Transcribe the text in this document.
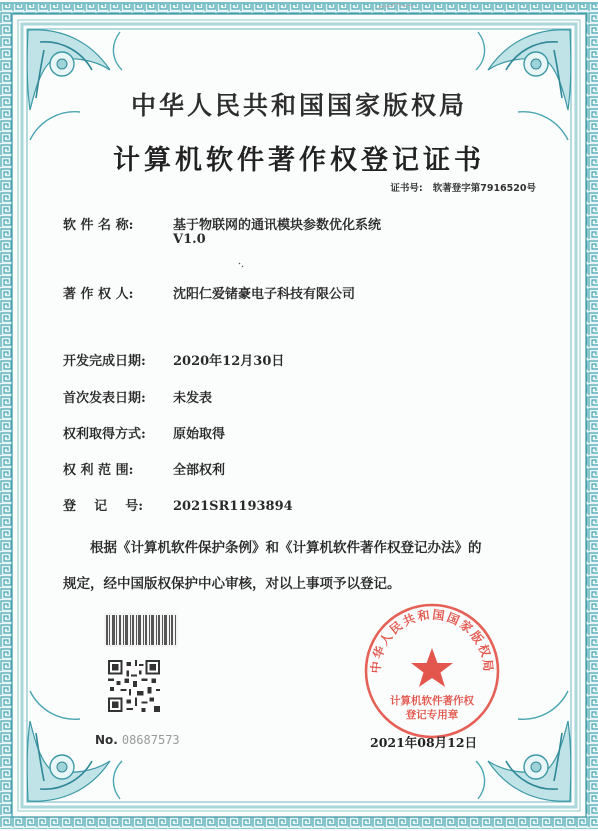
中华人民共和国国家版权局
计算机软件著作权登记证书
证书号: 软著登字第7916520号
软 件 名 称:	基于物联网的通讯模块参数优化系统
V1.0
著 作 权 人:	沈阳仁爱锗豪电子科技有限公司
开发完成日期: 2020年12月30日
首次发表日期: 未发表
权利取得方式: 原始取得
权 利 范 围:	全部权利
登    记    号: 2021SR1193894
根据《计算机软件保护条例》和《计算机软件著作权登记办法》的
规定，经中国版权保护中心审核，对以上事项予以登记。
No. 08687573
中华人民共和国国家版权局
计算机软件著作权
登记专用章
2021年08月12日
